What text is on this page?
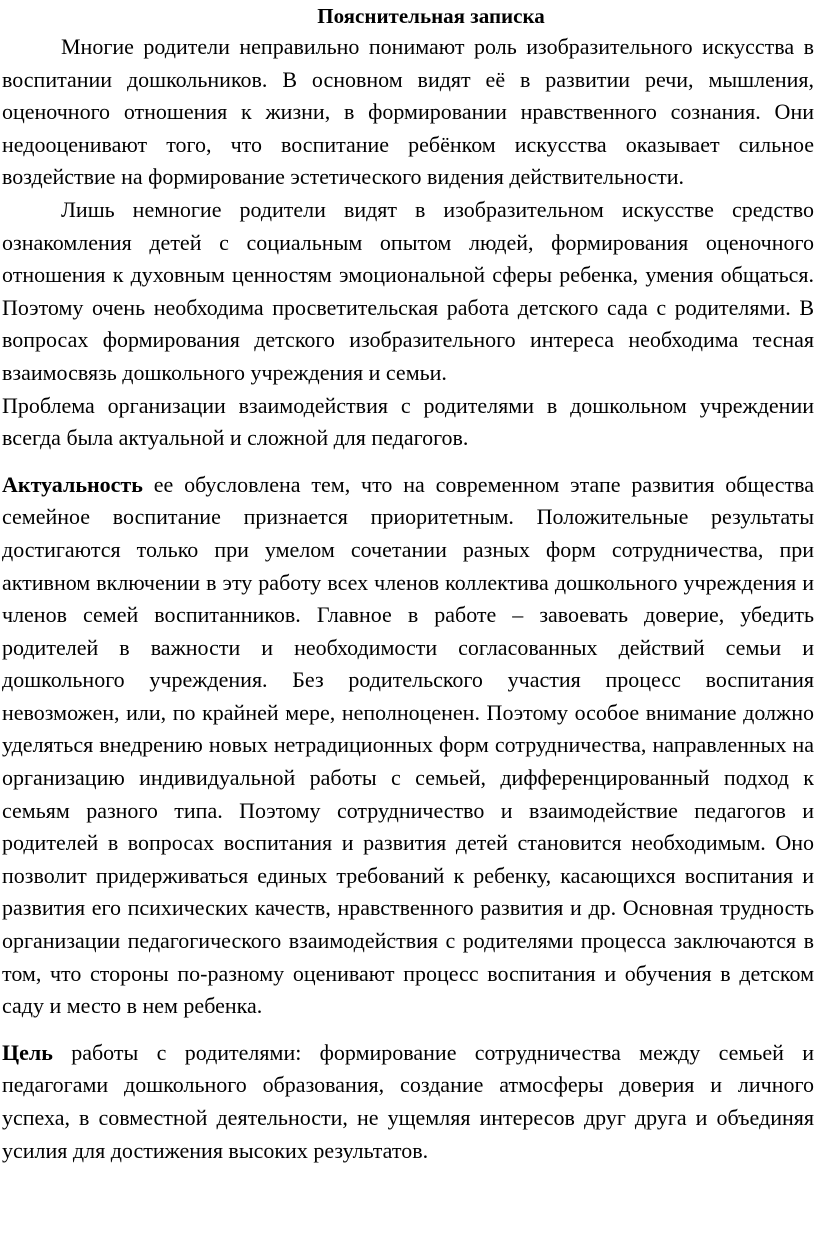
Пояснительная записка

Многие родители неправильно понимают роль изобразительного искусства в воспитании дошкольников. В основном видят её в развитии речи, мышления, оценочного отношения к жизни, в формировании нравственного сознания. Они недооценивают того, что воспитание ребёнком искусства оказывает сильное воздействие на формирование эстетического видения действительности.

Лишь немногие родители видят в изобразительном искусстве средство ознакомления детей с социальным опытом людей, формирования оценочного отношения к духовным ценностям эмоциональной сферы ребенка, умения общаться. Поэтому очень необходима просветительская работа детского сада с родителями. В вопросах формирования детского изобразительного интереса необходима тесная взаимосвязь дошкольного учреждения и семьи.

Проблема организации взаимодействия с родителями в дошкольном учреждении всегда была актуальной и сложной для педагогов.

Актуальность ее обусловлена тем, что на современном этапе развития общества семейное воспитание признается приоритетным. Положительные результаты достигаются только при умелом сочетании разных форм сотрудничества, при активном включении в эту работу всех членов коллектива дошкольного учреждения и членов семей воспитанников. Главное в работе – завоевать доверие, убедить родителей в важности и необходимости согласованных действий семьи и дошкольного учреждения. Без родительского участия процесс воспитания невозможен, или, по крайней мере, неполноценен. Поэтому особое внимание должно уделяться внедрению новых нетрадиционных форм сотрудничества, направленных на организацию индивидуальной работы с семьей, дифференцированный подход к семьям разного типа. Поэтому сотрудничество и взаимодействие педагогов и родителей в вопросах воспитания и развития детей становится необходимым. Оно позволит придерживаться единых требований к ребенку, касающихся воспитания и развития его психических качеств, нравственного развития и др. Основная трудность организации педагогического взаимодействия с родителями процесса заключаются в том, что стороны по-разному оценивают процесс воспитания и обучения в детском саду и место в нем ребенка.

Цель работы с родителями: формирование сотрудничества между семьей и педагогами дошкольного образования, создание атмосферы доверия и личного успеха, в совместной деятельности, не ущемляя интересов друг друга и объединяя усилия для достижения высоких результатов.
